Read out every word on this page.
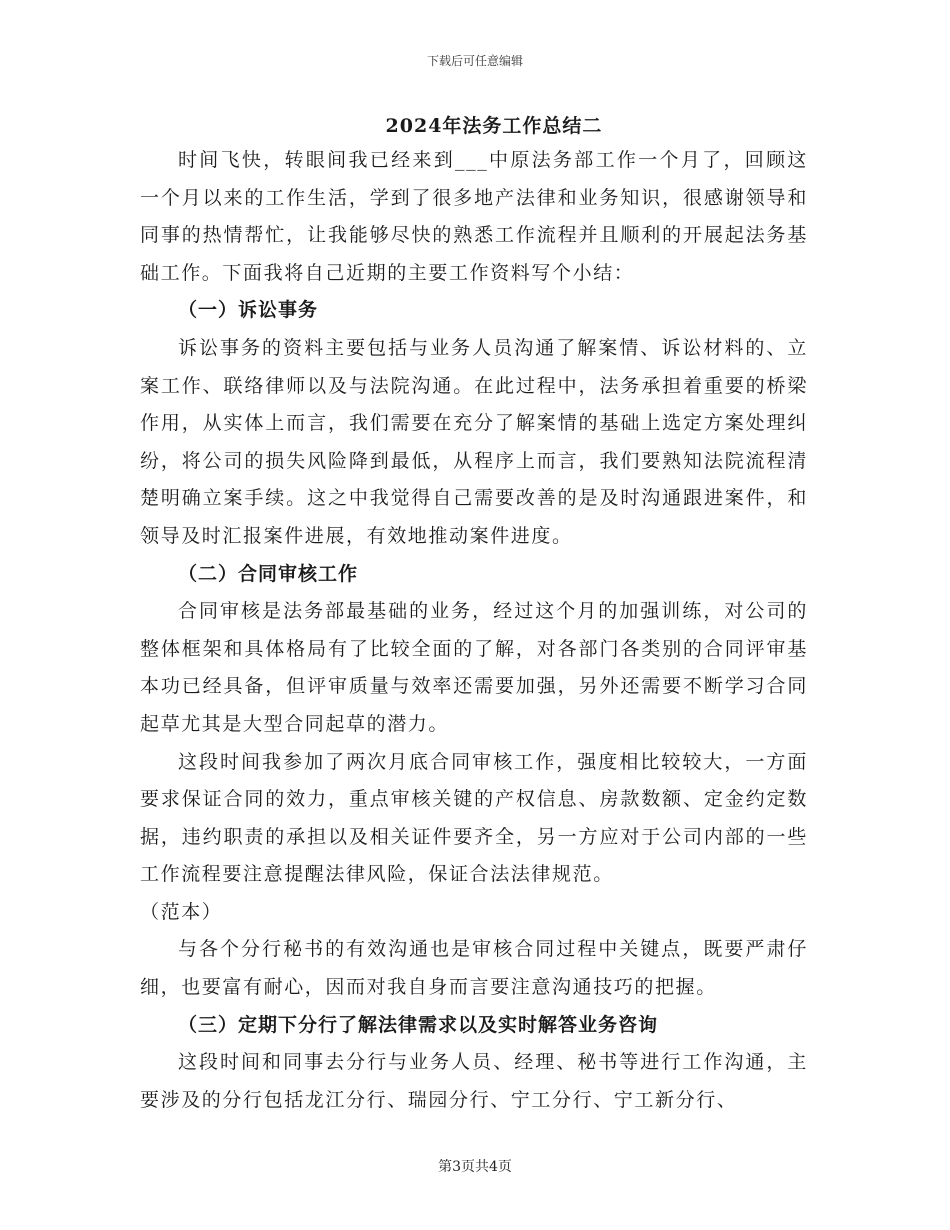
下载后可任意编辑
2024年法务工作总结二
时间飞快，转眼间我已经来到___中原法务部工作一个月了，回顾这一个月以来的工作生活，学到了很多地产法律和业务知识，很感谢领导和同事的热情帮忙，让我能够尽快的熟悉工作流程并且顺利的开展起法务基础工作。下面我将自己近期的主要工作资料写个小结：
（一）诉讼事务
诉讼事务的资料主要包括与业务人员沟通了解案情、诉讼材料的、立案工作、联络律师以及与法院沟通。在此过程中，法务承担着重要的桥梁作用，从实体上而言，我们需要在充分了解案情的基础上选定方案处理纠纷，将公司的损失风险降到最低，从程序上而言，我们要熟知法院流程清楚明确立案手续。这之中我觉得自己需要改善的是及时沟通跟进案件，和领导及时汇报案件进展，有效地推动案件进度。
（二）合同审核工作
合同审核是法务部最基础的业务，经过这个月的加强训练，对公司的整体框架和具体格局有了比较全面的了解，对各部门各类别的合同评审基本功已经具备，但评审质量与效率还需要加强，另外还需要不断学习合同起草尤其是大型合同起草的潜力。
这段时间我参加了两次月底合同审核工作，强度相比较较大，一方面要求保证合同的效力，重点审核关键的产权信息、房款数额、定金约定数据，违约职责的承担以及相关证件要齐全，另一方应对于公司内部的一些工作流程要注意提醒法律风险，保证合法法律规范。
（范本）
与各个分行秘书的有效沟通也是审核合同过程中关键点，既要严肃仔细，也要富有耐心，因而对我自身而言要注意沟通技巧的把握。
（三）定期下分行了解法律需求以及实时解答业务咨询
这段时间和同事去分行与业务人员、经理、秘书等进行工作沟通，主要涉及的分行包括龙江分行、瑞园分行、宁工分行、宁工新分行、
第3页共4页
